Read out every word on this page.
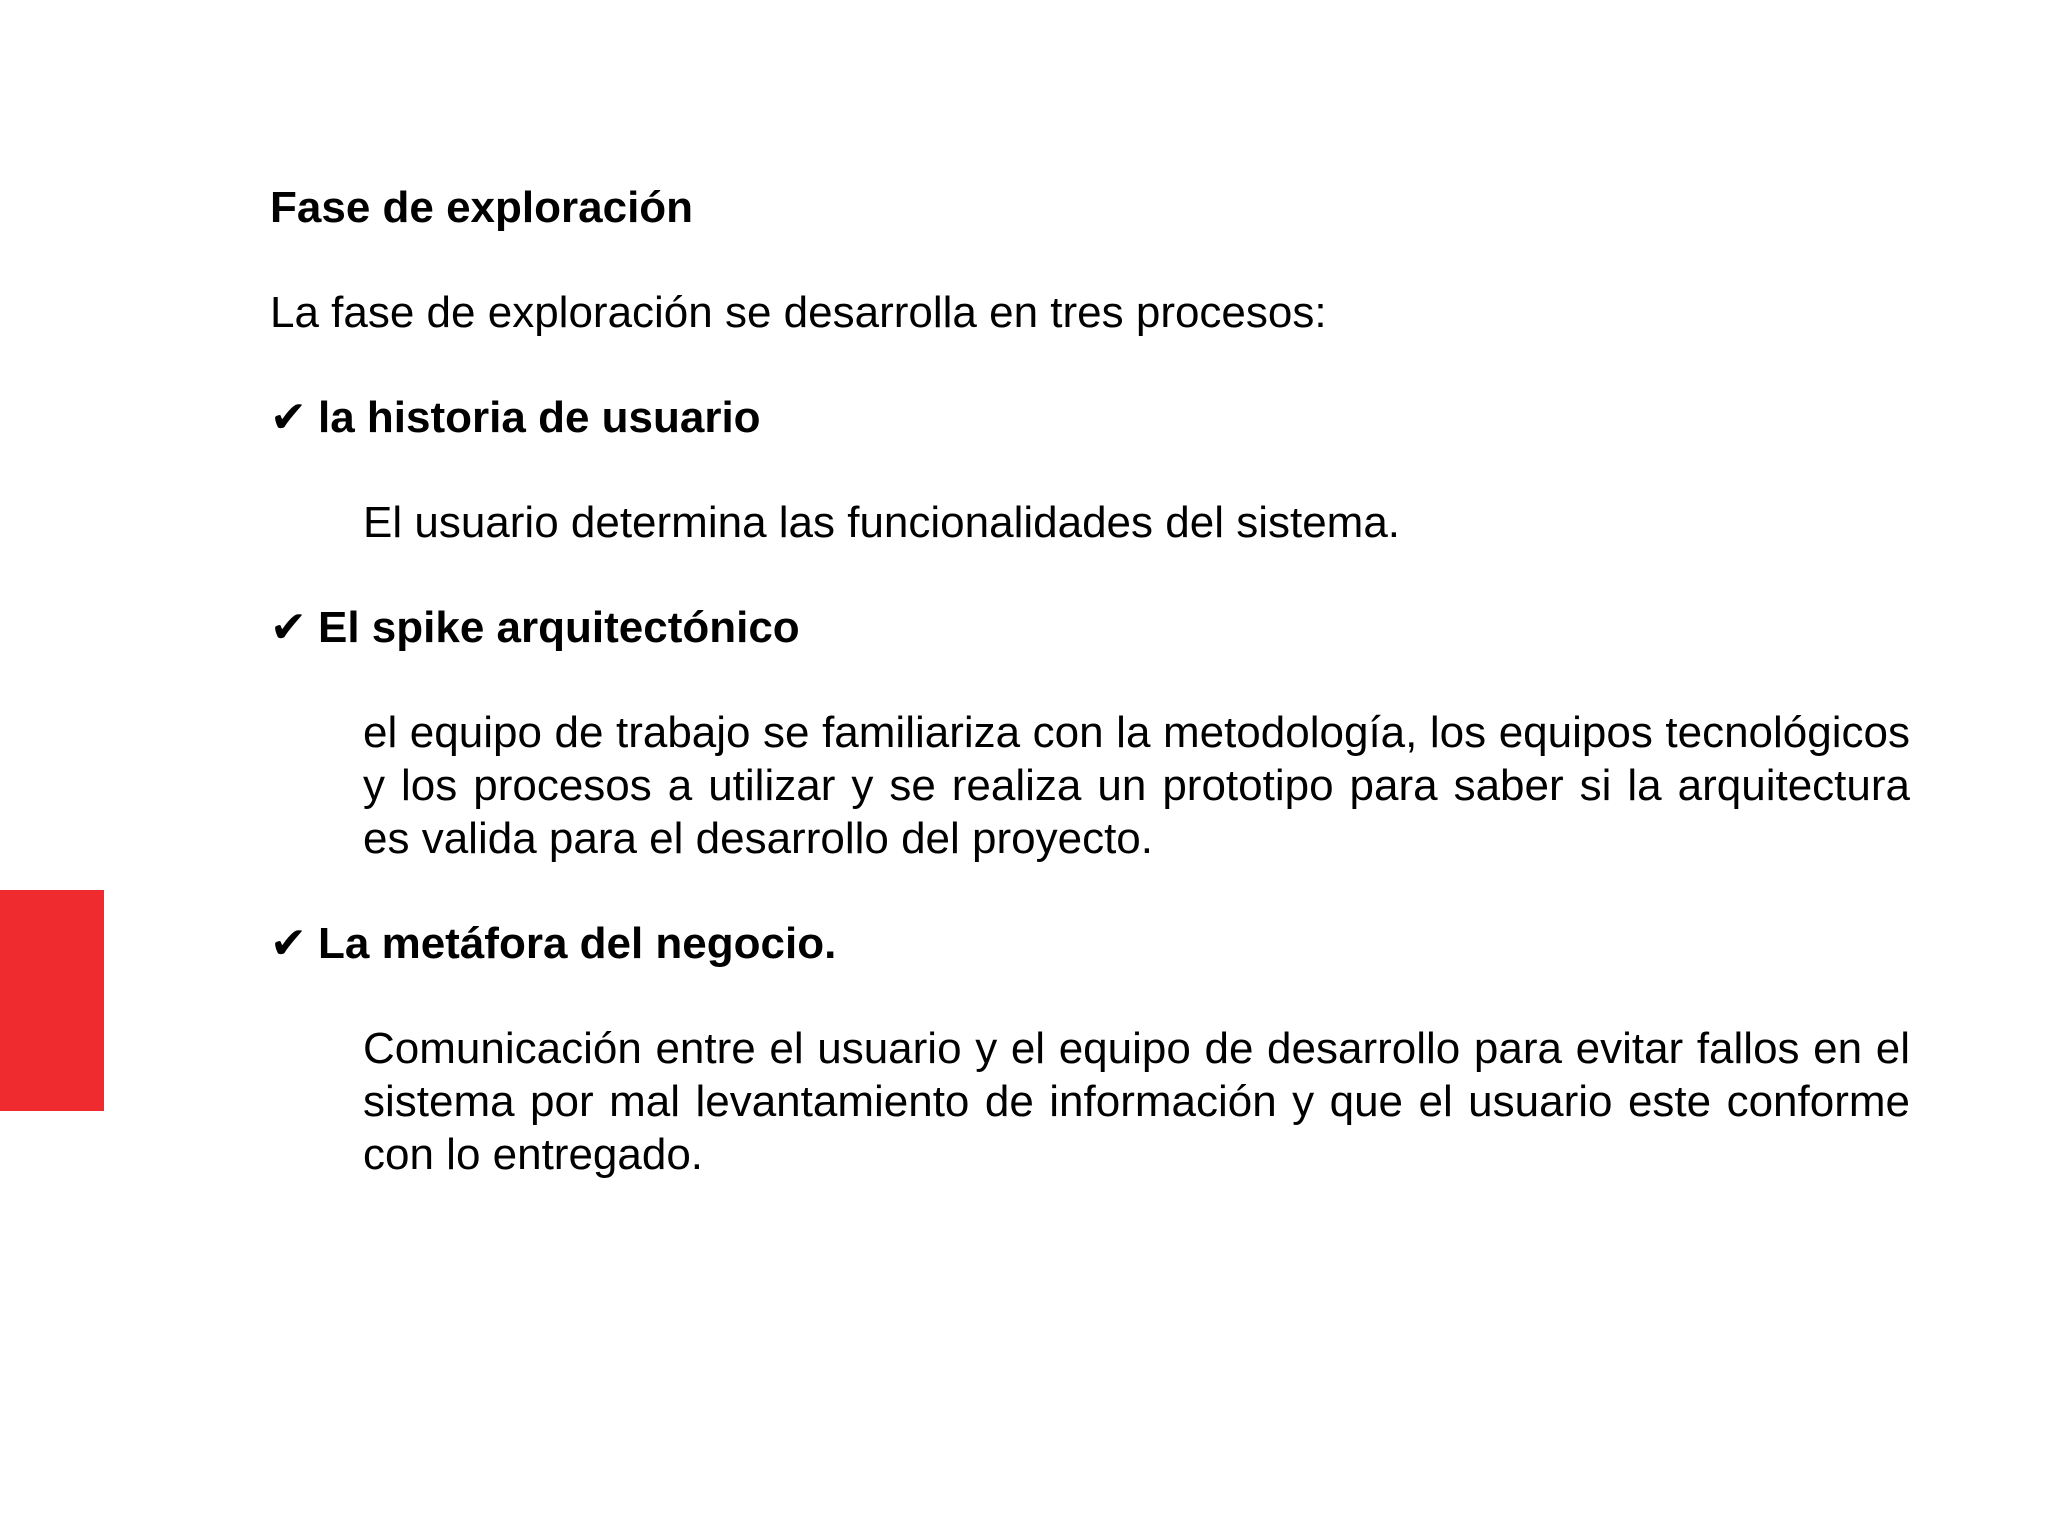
Fase de exploración
La fase de exploración se desarrolla en tres procesos:
✔ la historia de usuario
El usuario determina las funcionalidades del sistema.
✔ El spike arquitectónico
el equipo de trabajo se familiariza con la metodología, los equipos tecnológicos y los procesos a utilizar y se realiza un prototipo para saber si la arquitectura es valida para el desarrollo del proyecto.
✔ La metáfora del negocio.
Comunicación entre el usuario y el equipo de desarrollo para evitar fallos en el sistema por mal levantamiento de información y que el usuario este conforme con lo entregado.
